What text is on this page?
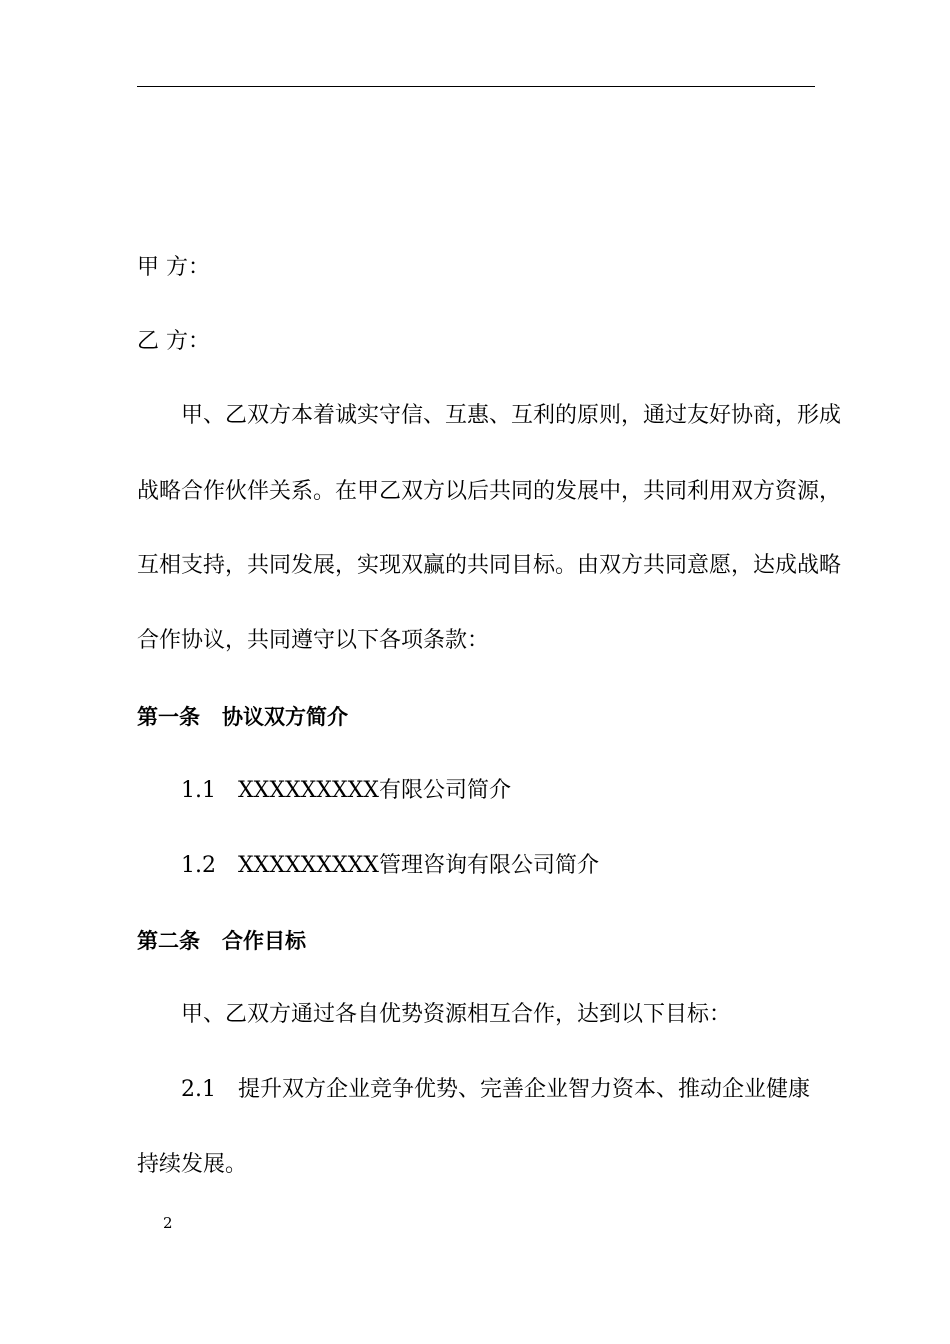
甲 方：
乙 方：
甲、乙双方本着诚实守信、互惠、互利的原则，通过友好协商，形成
战略合作伙伴关系。在甲乙双方以后共同的发展中，共同利用双方资源，
互相支持，共同发展，实现双赢的共同目标。由双方共同意愿，达成战略
合作协议，共同遵守以下各项条款：
第一条 协议双方简介
1.1 XXXXXXXXX有限公司简介
1.2 XXXXXXXXX管理咨询有限公司简介
第二条 合作目标
甲、乙双方通过各自优势资源相互合作，达到以下目标：
2.1 提升双方企业竞争优势、完善企业智力资本、推动企业健康
持续发展。
2
